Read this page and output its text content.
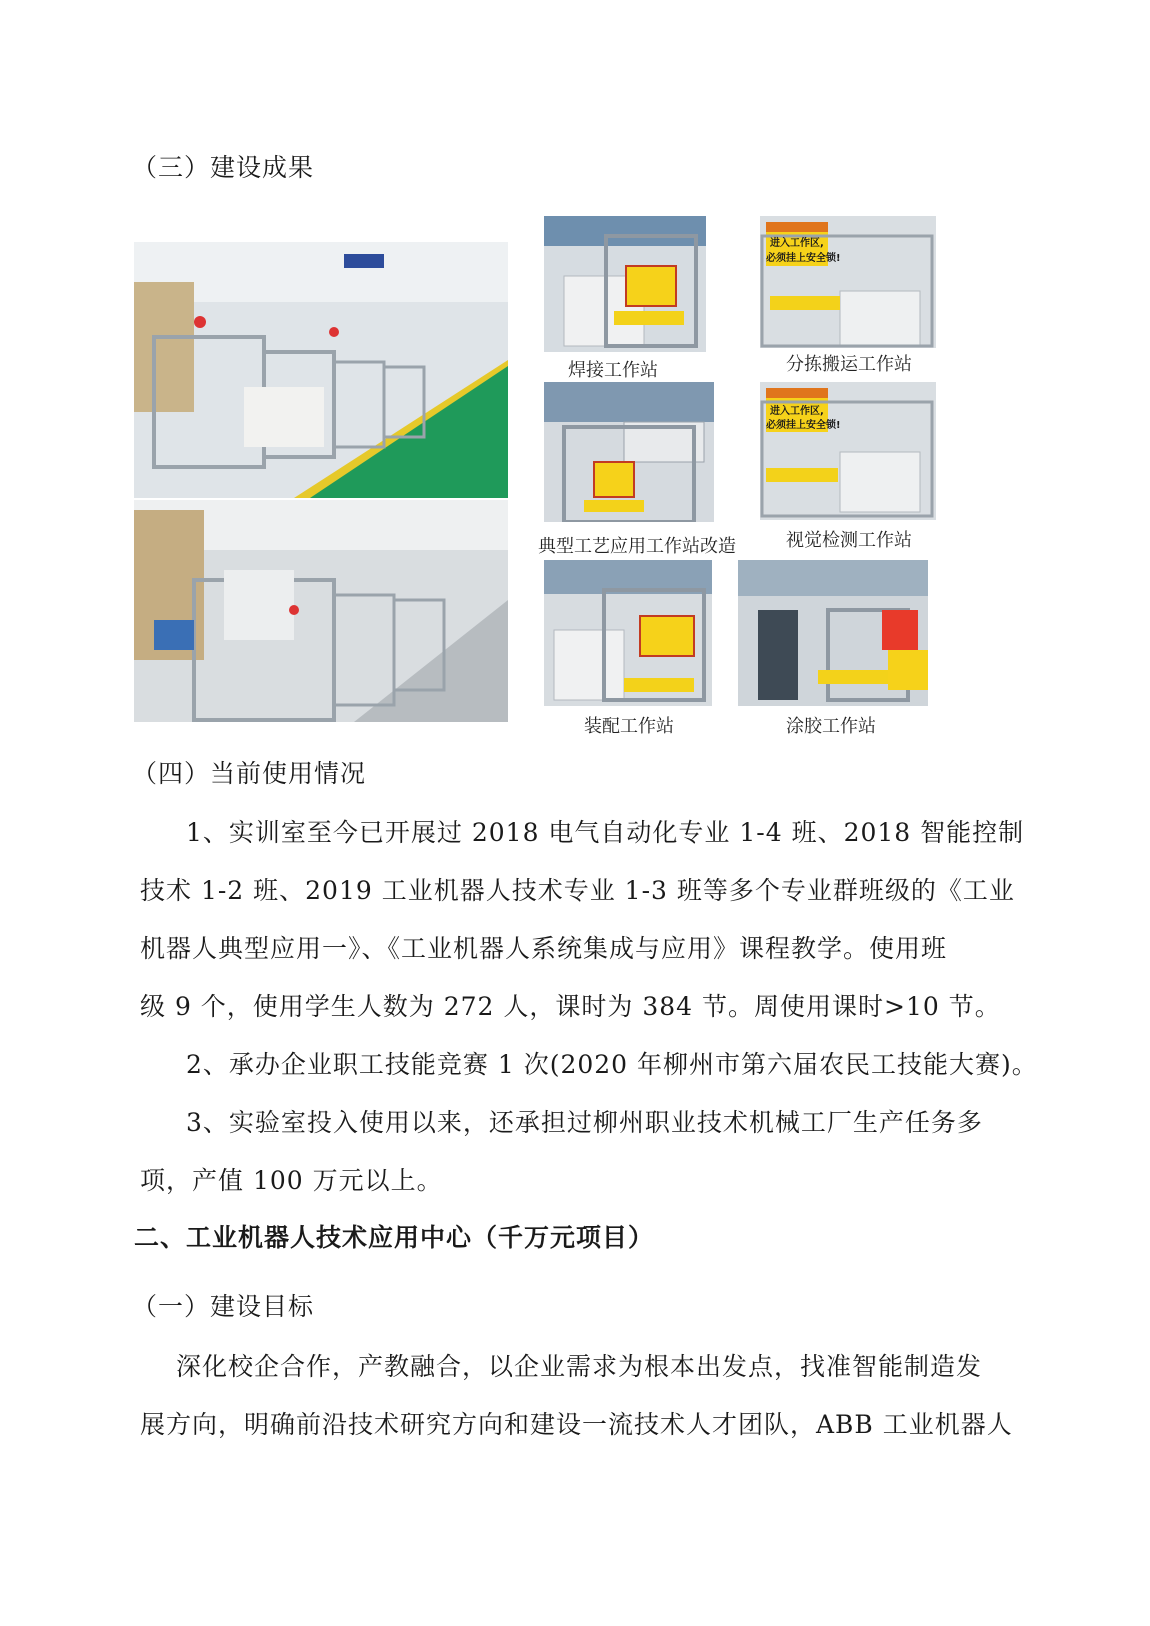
（三）建设成果
进入工作区,
必须挂上安全锁!
焊接工作站	分拣搬运工作站
进入工作区,
必须挂上安全锁!
典型工艺应用工作站改造	视觉检测工作站
装配工作站	涂胶工作站
（四）当前使用情况
1、实训室至今已开展过 2018 电气自动化专业 1-4 班、2018 智能控制
技术 1-2 班、2019 工业机器人技术专业 1-3 班等多个专业群班级的《工业
机器人典型应用一》、《工业机器人系统集成与应用》课程教学。使用班
级 9 个，使用学生人数为 272 人，课时为 384 节。周使用课时>10 节。
2、承办企业职工技能竞赛 1 次(2020 年柳州市第六届农民工技能大赛)。
3、实验室投入使用以来，还承担过柳州职业技术机械工厂生产任务多
项，产值 100 万元以上。
二、工业机器人技术应用中心（千万元项目）
（一）建设目标
深化校企合作，产教融合，以企业需求为根本出发点，找准智能制造发
展方向，明确前沿技术研究方向和建设一流技术人才团队，ABB 工业机器人
